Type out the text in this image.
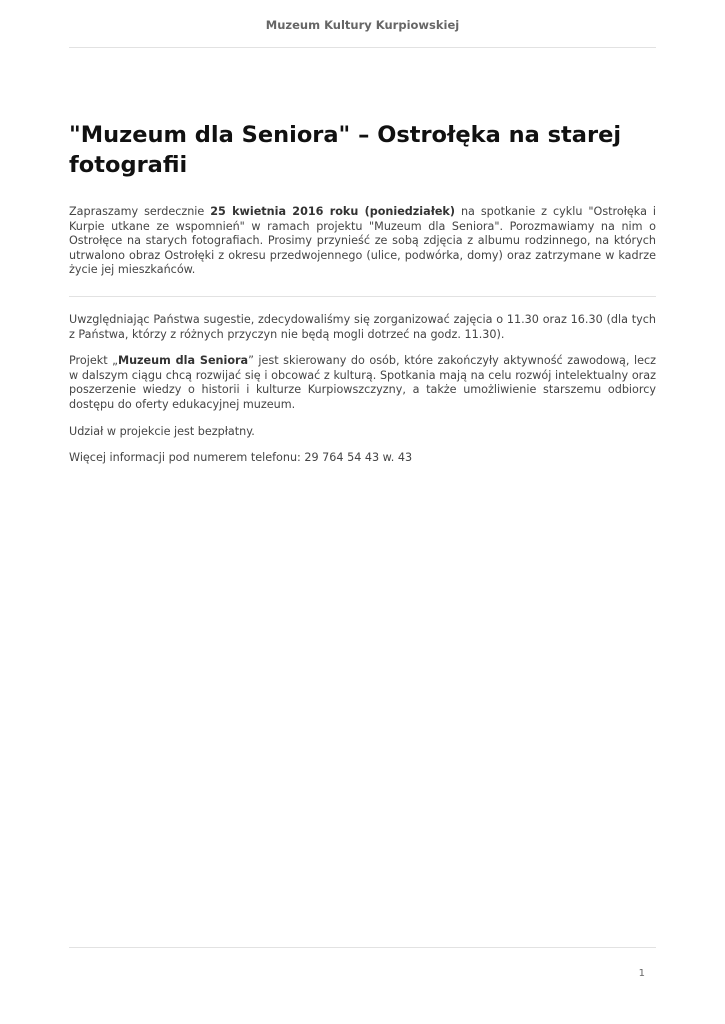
Muzeum Kultury Kurpiowskiej
"Muzeum dla Seniora" – Ostrołęka na starej fotografii

Zapraszamy serdecznie 25 kwietnia 2016 roku (poniedziałek) na spotkanie z cyklu "Ostrołęka i Kurpie utkane ze wspomnień" w ramach projektu "Muzeum dla Seniora". Porozmawiamy na nim o Ostrołęce na starych fotografiach. Prosimy przynieść ze sobą zdjęcia z albumu rodzinnego, na których utrwalono obraz Ostrołęki z okresu przedwojennego (ulice, podwórka, domy) oraz zatrzymane w kadrze życie jej mieszkańców.

Uwzględniając Państwa sugestie, zdecydowaliśmy się zorganizować zajęcia o 11.30 oraz 16.30 (dla tych z Państwa, którzy z różnych przyczyn nie będą mogli dotrzeć na godz. 11.30).

Projekt „Muzeum dla Seniora” jest skierowany do osób, które zakończyły aktywność zawodową, lecz w dalszym ciągu chcą rozwijać się i obcować z kulturą. Spotkania mają na celu rozwój intelektualny oraz poszerzenie wiedzy o historii i kulturze Kurpiowszczyzny, a także umożliwienie starszemu odbiorcy dostępu do oferty edukacyjnej muzeum.

Udział w projekcie jest bezpłatny.

Więcej informacji pod numerem telefonu: 29 764 54 43 w. 43

1
